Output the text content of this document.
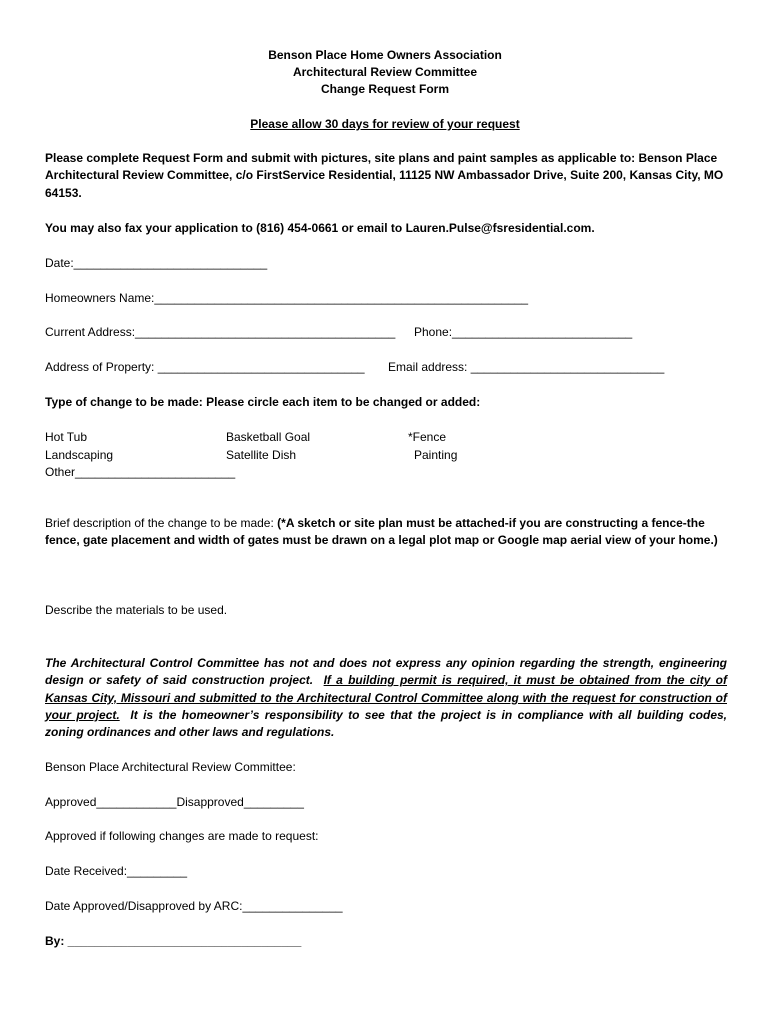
Benson Place Home Owners Association
Architectural Review Committee
Change Request Form
Please allow 30 days for review of your request
Please complete Request Form and submit with pictures, site plans and paint samples as applicable to: Benson Place Architectural Review Committee, c/o FirstService Residential, 11125 NW Ambassador Drive, Suite 200, Kansas City, MO 64153.
You may also fax your application to (816) 454-0661 or email to Lauren.Pulse@fsresidential.com.
Date:_____________________________
Homeowners Name:________________________________________________________
Current Address:_______________________________________ Phone:___________________________
Address of Property: _______________________________ Email address: _____________________________
Type of change to be made: Please circle each item to be changed or added:
Hot Tub
Landscaping
Other________________________
Basketball Goal
Satellite Dish
*Fence
Painting
Brief description of the change to be made: (*A sketch or site plan must be attached-if you are constructing a fence-the fence, gate placement and width of gates must be drawn on a legal plot map or Google map aerial view of your home.)
Describe the materials to be used.
The Architectural Control Committee has not and does not express any opinion regarding the strength, engineering design or safety of said construction project. If a building permit is required, it must be obtained from the city of Kansas City, Missouri and submitted to the Architectural Control Committee along with the request for construction of your project. It is the homeowner’s responsibility to see that the project is in compliance with all building codes, zoning ordinances and other laws and regulations.
Benson Place Architectural Review Committee:
Approved____________Disapproved_________
Approved if following changes are made to request:
Date Received:_________
Date Approved/Disapproved by ARC:_______________
By: ___________________________________
